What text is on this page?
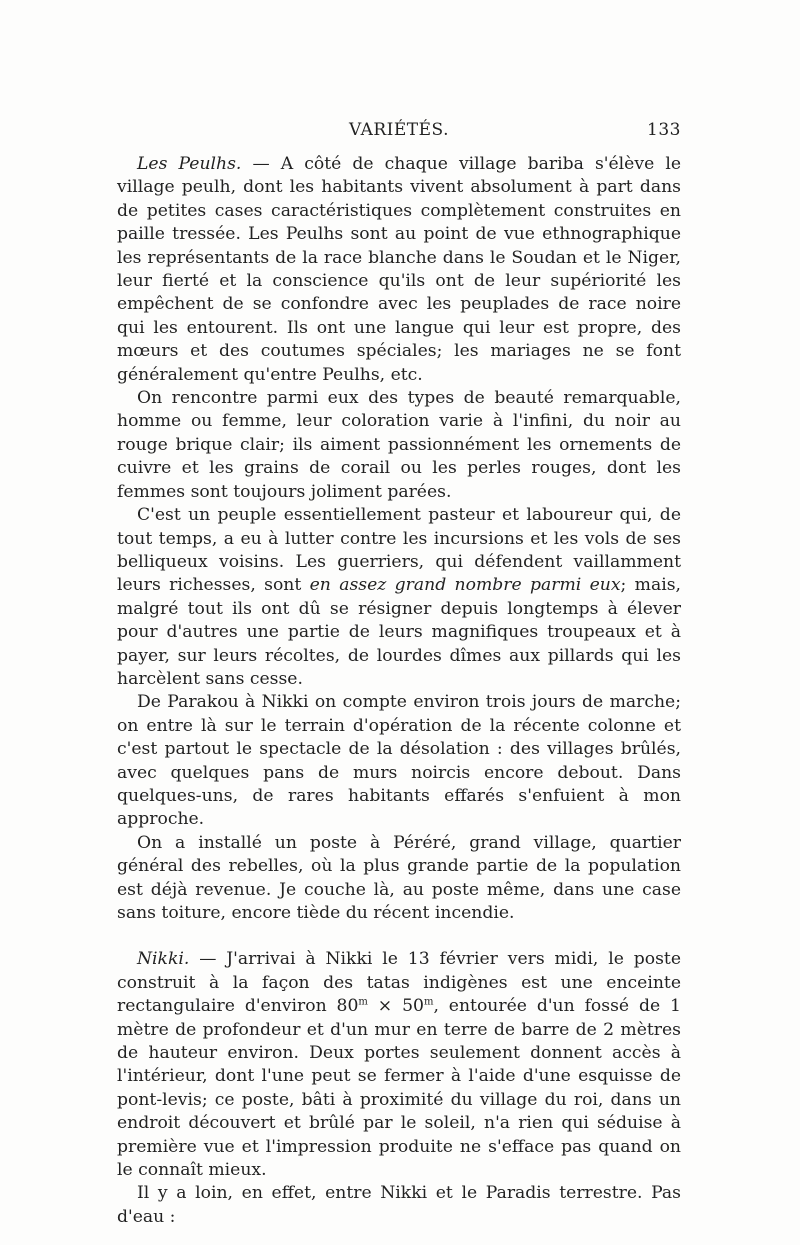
VARIÉTÉS.	133

Les Peulhs. — A côté de chaque village bariba s'élève le village peulh, dont les habitants vivent absolument à part dans de petites cases caractéristiques complètement construites en paille tressée. Les Peulhs sont au point de vue ethnographique les représentants de la race blanche dans le Soudan et le Niger, leur fierté et la conscience qu'ils ont de leur supériorité les empêchent de se confondre avec les peuplades de race noire qui les entourent. Ils ont une langue qui leur est propre, des mœurs et des coutumes spéciales; les mariages ne se font généralement qu'entre Peulhs, etc.

On rencontre parmi eux des types de beauté remarquable, homme ou femme, leur coloration varie à l'infini, du noir au rouge brique clair; ils aiment passionnément les ornements de cuivre et les grains de corail ou les perles rouges, dont les femmes sont toujours joliment parées.

C'est un peuple essentiellement pasteur et laboureur qui, de tout temps, a eu à lutter contre les incursions et les vols de ses belliqueux voisins. Les guerriers, qui défendent vaillamment leurs richesses, sont en assez grand nombre parmi eux; mais, malgré tout ils ont dû se résigner depuis longtemps à élever pour d'autres une partie de leurs magnifiques troupeaux et à payer, sur leurs récoltes, de lourdes dîmes aux pillards qui les harcèlent sans cesse.

De Parakou à Nikki on compte environ trois jours de marche; on entre là sur le terrain d'opération de la récente colonne et c'est partout le spectacle de la désolation : des villages brûlés, avec quelques pans de murs noircis encore debout. Dans quelques-uns, de rares habitants effarés s'enfuient à mon approche.

On a installé un poste à Péréré, grand village, quartier général des rebelles, où la plus grande partie de la population est déjà revenue. Je couche là, au poste même, dans une case sans toiture, encore tiède du récent incendie.

Nikki. — J'arrivai à Nikki le 13 février vers midi, le poste construit à la façon des tatas indigènes est une enceinte rectangulaire d'environ $80^m \times 50^m$, entourée d'un fossé de 1 mètre de profondeur et d'un mur en terre de barre de 2 mètres de hauteur environ. Deux portes seulement donnent accès à l'intérieur, dont l'une peut se fermer à l'aide d'une esquisse de pont-levis; ce poste, bâti à proximité du village du roi, dans un endroit découvert et brûlé par le soleil, n'a rien qui séduise à première vue et l'impression produite ne s'efface pas quand on le connaît mieux.

Il y a loin, en effet, entre Nikki et le Paradis terrestre. Pas d'eau :
